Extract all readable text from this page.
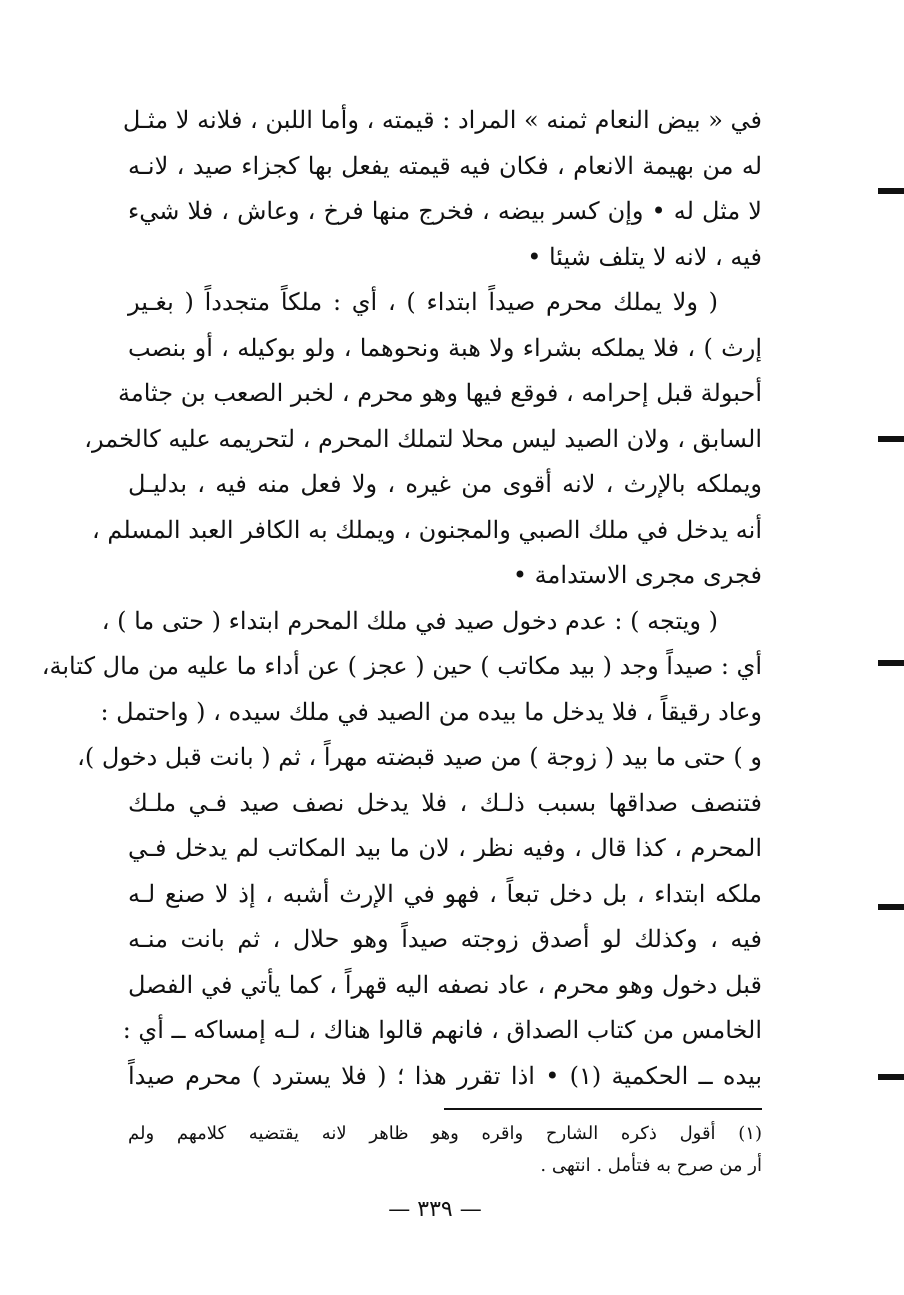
في « بيض النعام ثمنه » المراد : قيمته ، وأما اللبن ، فلانه لا مثـل
له من بهيمة الانعام ، فكان فيه قيمته يفعل بها كجزاء صيد ، لانـه
لا مثل له • وإن كسر بيضه ، فخرج منها فرخ ، وعاش ، فلا شيء
فيه ، لانه لا يتلف شيئا •
( ولا يملك محرم صيداً ابتداء ) ، أي : ملكاً متجدداً ( بغـير
إرث ) ، فلا يملكه بشراء ولا هبة ونحوهما ، ولو بوكيله ، أو بنصب
أحبولة قبل إحرامه ، فوقع فيها وهو محرم ، لخبر الصعب بن جثامة
السابق ، ولان الصيد ليس محلا لتملك المحرم ، لتحريمه عليه كالخمر،
ويملكه بالإرث ، لانه أقوى من غيره ، ولا فعل منه فيه ، بدليـل
أنه يدخل في ملك الصبي والمجنون ، ويملك به الكافر العبد المسلم ،
فجرى مجرى الاستدامة •
( ويتجه ) : عدم دخول صيد في ملك المحرم ابتداء ( حتى ما ) ،
أي : صيداً وجد ( بيد مكاتب ) حين ( عجز ) عن أداء ما عليه من مال كتابة،
وعاد رقيقاً ، فلا يدخل ما بيده من الصيد في ملك سيده ، ( واحتمل :
و ) حتى ما بيد ( زوجة ) من صيد قبضته مهراً ، ثم ( بانت قبل دخول )،
فتنصف صداقها بسبب ذلـك ، فلا يدخل نصف صيد فـي ملـك
المحرم ، كذا قال ، وفيه نظر ، لان ما بيد المكاتب لم يدخل فـي
ملكه ابتداء ، بل دخل تبعاً ، فهو في الإرث أشبه ، إذ لا صنع لـه
فيه ، وكذلك لو أصدق زوجته صيداً وهو حلال ، ثم بانت منـه
قبل دخول وهو محرم ، عاد نصفه اليه قهراً ، كما يأتي في الفصل
الخامس من كتاب الصداق ، فانهم قالوا هناك ، لـه إمساكه ــ أي :
بيده ــ الحكمية (١) • اذا تقرر هذا ؛ ( فلا يسترد ) محرم صيداً
(١) أقول ذكره الشارح واقره وهو ظاهر لانه يقتضيه كلامهم ولم
أر من صرح به فتأمل . انتهى .
— ٣٣٩ —
